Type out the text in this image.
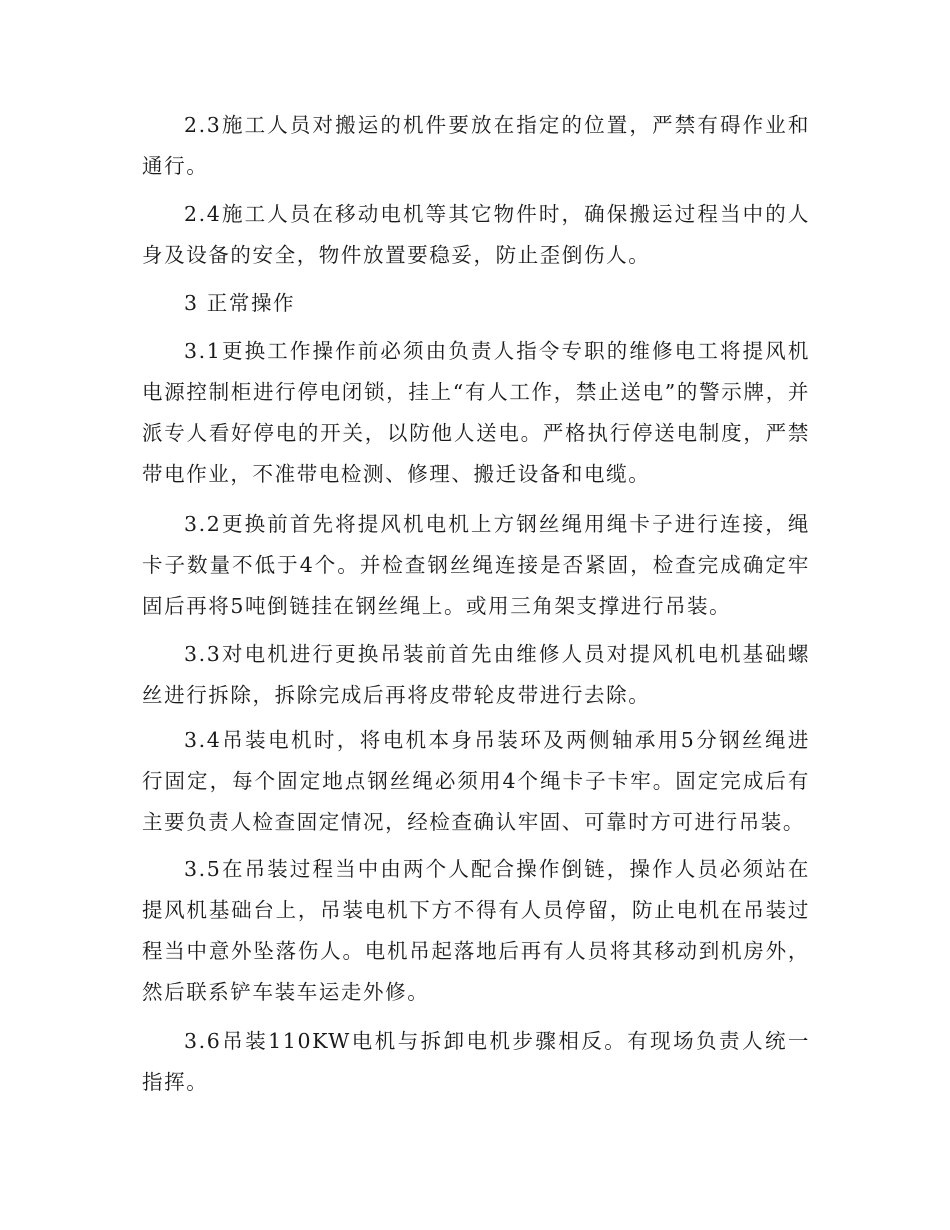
2.3施工人员对搬运的机件要放在指定的位置，严禁有碍作业和通行。

2.4施工人员在移动电机等其它物件时，确保搬运过程当中的人身及设备的安全，物件放置要稳妥，防止歪倒伤人。

3 正常操作

3.1更换工作操作前必须由负责人指令专职的维修电工将提风机电源控制柜进行停电闭锁，挂上“有人工作，禁止送电”的警示牌，并派专人看好停电的开关，以防他人送电。严格执行停送电制度，严禁带电作业，不准带电检测、修理、搬迁设备和电缆。

3.2更换前首先将提风机电机上方钢丝绳用绳卡子进行连接，绳卡子数量不低于4个。并检查钢丝绳连接是否紧固，检查完成确定牢固后再将5吨倒链挂在钢丝绳上。或用三角架支撑进行吊装。

3.3对电机进行更换吊装前首先由维修人员对提风机电机基础螺丝进行拆除，拆除完成后再将皮带轮皮带进行去除。

3.4吊装电机时，将电机本身吊装环及两侧轴承用5分钢丝绳进行固定，每个固定地点钢丝绳必须用4个绳卡子卡牢。固定完成后有主要负责人检查固定情况，经检查确认牢固、可靠时方可进行吊装。

3.5在吊装过程当中由两个人配合操作倒链，操作人员必须站在提风机基础台上，吊装电机下方不得有人员停留，防止电机在吊装过程当中意外坠落伤人。电机吊起落地后再有人员将其移动到机房外，然后联系铲车装车运走外修。

3.6吊装110KW电机与拆卸电机步骤相反。有现场负责人统一指挥。
